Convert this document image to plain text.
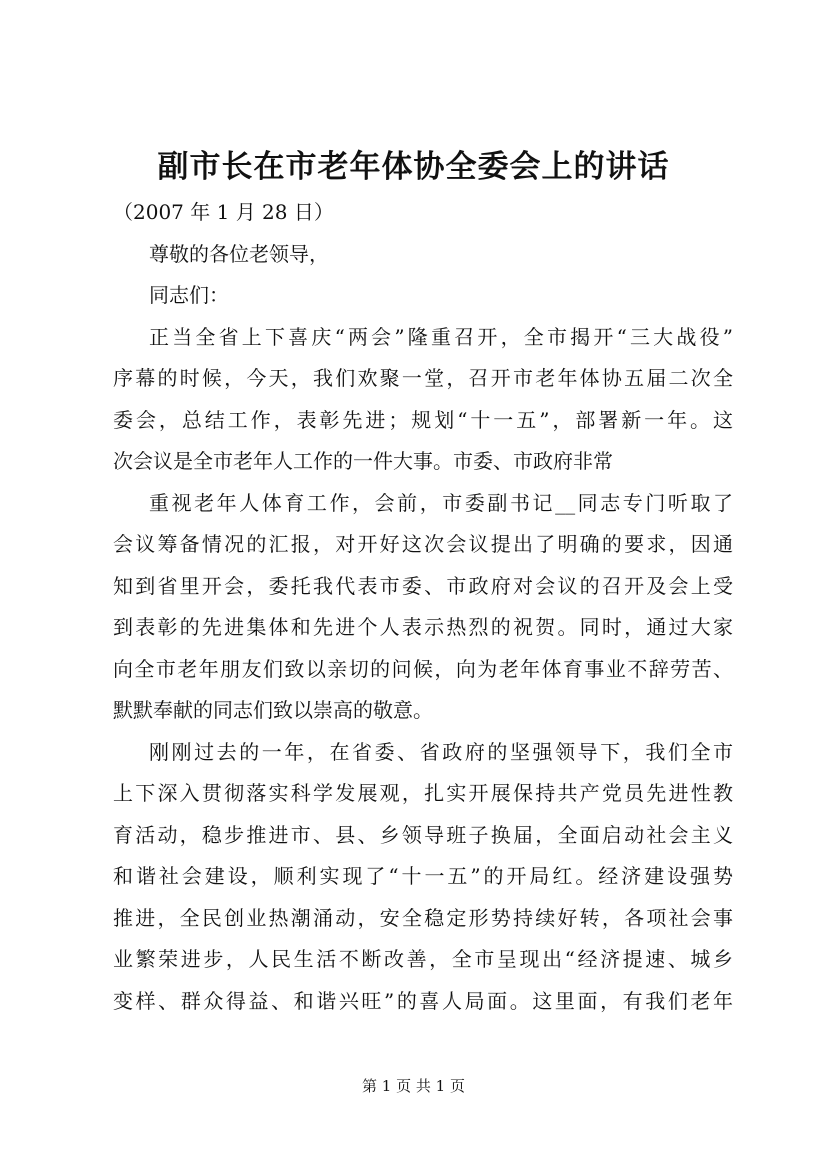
副市长在市老年体协全委会上的讲话
（2007 年 1 月 28 日）
尊敬的各位老领导，
同志们：
正当全省上下喜庆“两会”隆重召开，全市揭开“三大战役”
序幕的时候，今天，我们欢聚一堂，召开市老年体协五届二次全
委会，总结工作，表彰先进；规划“十一五”，部署新一年。这
次会议是全市老年人工作的一件大事。市委、市政府非常
重视老年人体育工作，会前，市委副书记__同志专门听取了
会议筹备情况的汇报，对开好这次会议提出了明确的要求，因通
知到省里开会，委托我代表市委、市政府对会议的召开及会上受
到表彰的先进集体和先进个人表示热烈的祝贺。同时，通过大家
向全市老年朋友们致以亲切的问候，向为老年体育事业不辞劳苦、
默默奉献的同志们致以崇高的敬意。
刚刚过去的一年，在省委、省政府的坚强领导下，我们全市
上下深入贯彻落实科学发展观，扎实开展保持共产党员先进性教
育活动，稳步推进市、县、乡领导班子换届，全面启动社会主义
和谐社会建设，顺利实现了“十一五”的开局红。经济建设强势
推进，全民创业热潮涌动，安全稳定形势持续好转，各项社会事
业繁荣进步，人民生活不断改善，全市呈现出“经济提速、城乡
变样、群众得益、和谐兴旺”的喜人局面。这里面，有我们老年
第 1 页 共 1 页
